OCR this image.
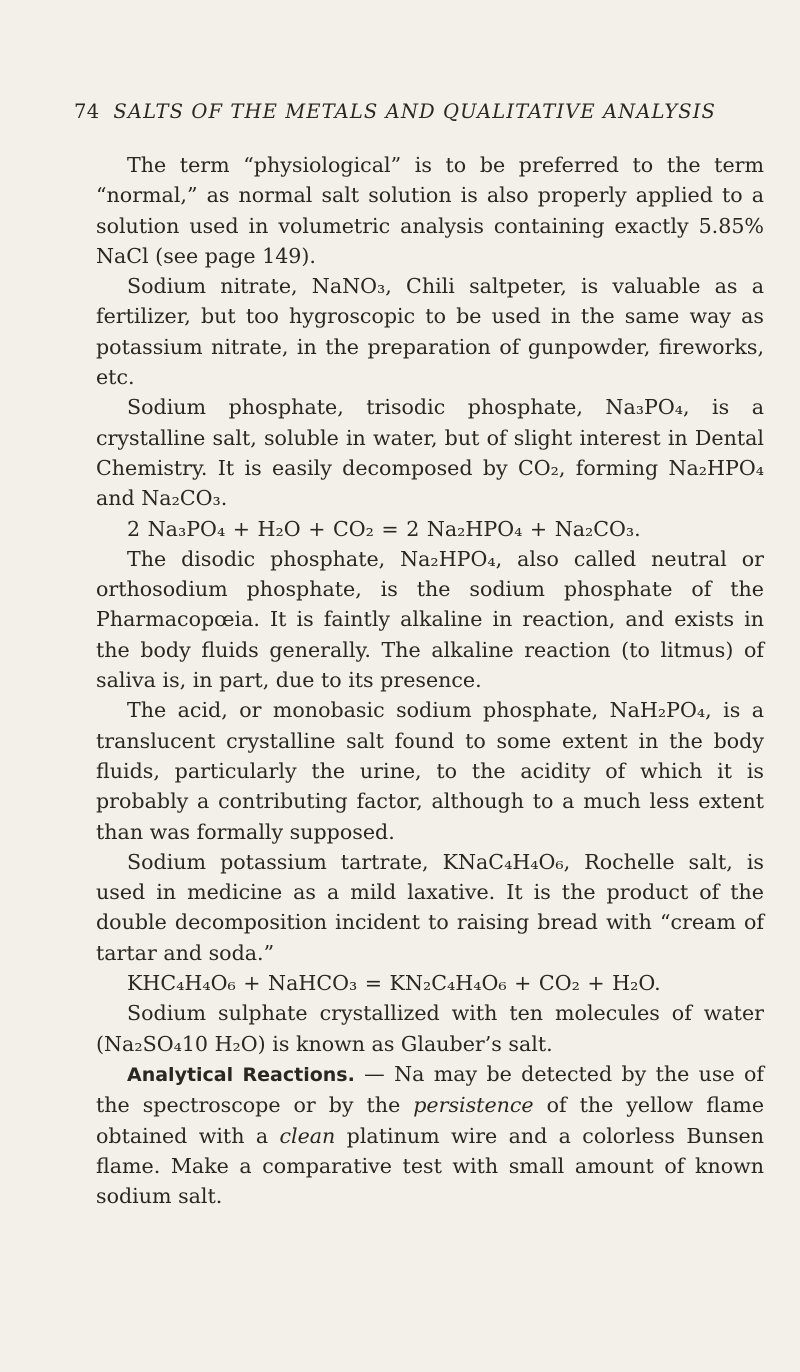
74 SALTS OF THE METALS AND QUALITATIVE ANALYSIS

The term “physiological” is to be preferred to the term “normal,” as normal salt solution is also properly applied to a solution used in volumetric analysis containing exactly 5.85% NaCl (see page 149).

Sodium nitrate, NaNO₃, Chili saltpeter, is valuable as a fertilizer, but too hygroscopic to be used in the same way as potassium nitrate, in the preparation of gunpowder, fireworks, etc.

Sodium phosphate, trisodic phosphate, Na₃PO₄, is a crystalline salt, soluble in water, but of slight interest in Dental Chemistry. It is easily decomposed by CO₂, forming Na₂HPO₄ and Na₂CO₃.

2 Na₃PO₄ + H₂O + CO₂ = 2 Na₂HPO₄ + Na₂CO₃.

The disodic phosphate, Na₂HPO₄, also called neutral or orthosodium phosphate, is the sodium phosphate of the Pharmacopœia. It is faintly alkaline in reaction, and exists in the body fluids generally. The alkaline reaction (to litmus) of saliva is, in part, due to its presence.

The acid, or monobasic sodium phosphate, NaH₂PO₄, is a translucent crystalline salt found to some extent in the body fluids, particularly the urine, to the acidity of which it is probably a contributing factor, although to a much less extent than was formally supposed.

Sodium potassium tartrate, KNaC₄H₄O₆, Rochelle salt, is used in medicine as a mild laxative. It is the product of the double decomposition incident to raising bread with “cream of tartar and soda.”

KHC₄H₄O₆ + NaHCO₃ = KN₂C₄H₄O₆ + CO₂ + H₂O.

Sodium sulphate crystallized with ten molecules of water (Na₂SO₄10 H₂O) is known as Glauber’s salt.

Analytical Reactions. — Na may be detected by the use of the spectroscope or by the persistence of the yellow flame obtained with a clean platinum wire and a colorless Bunsen flame. Make a comparative test with small amount of known sodium salt.
